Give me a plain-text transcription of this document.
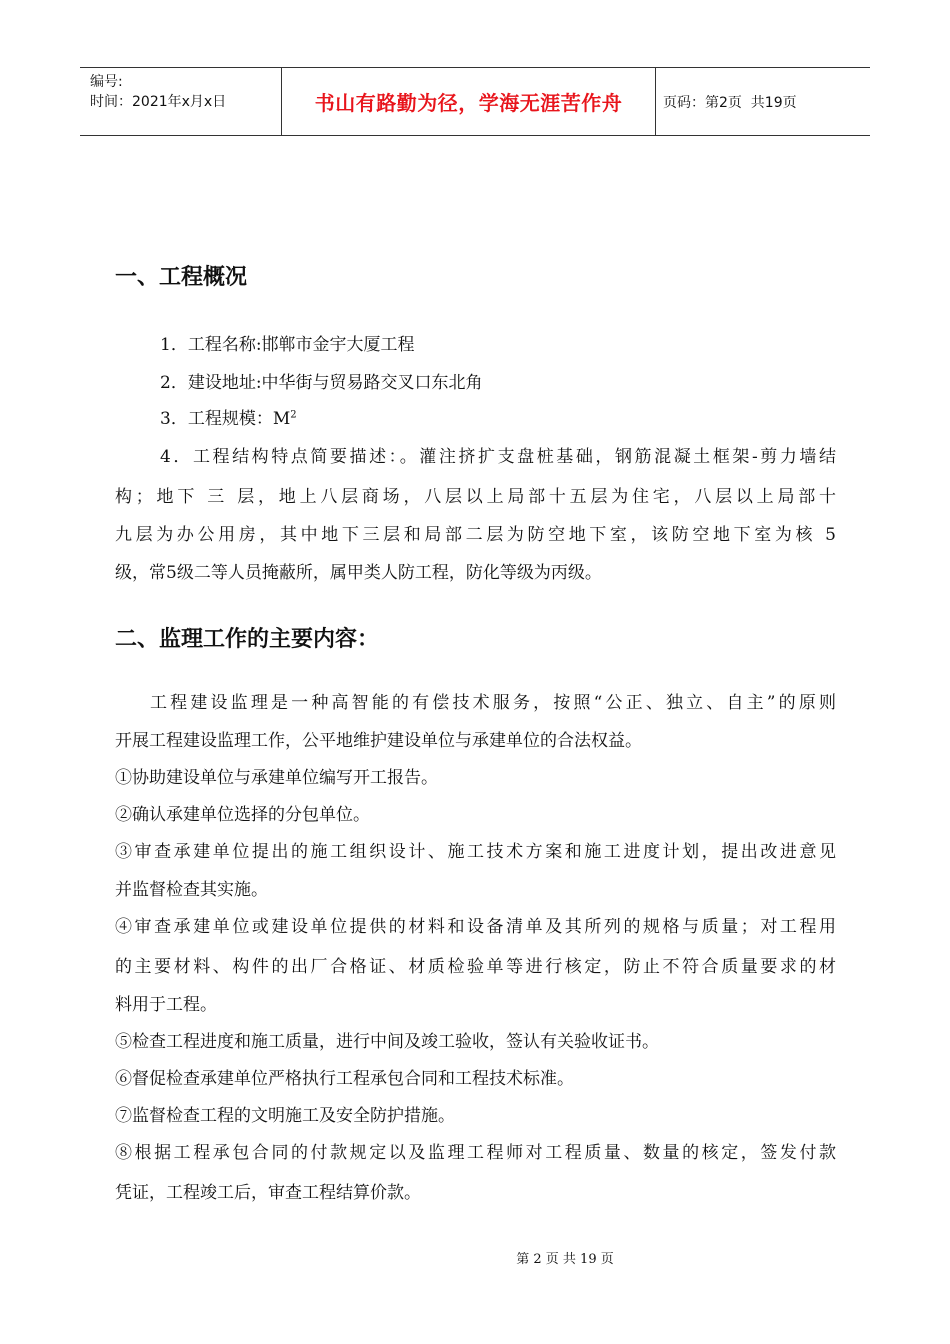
编号:
时间：2021年x月x日	书山有路勤为径，学海无涯苦作舟	页码：第2页  共19页
一、工程概况
1．工程名称:邯郸市金宇大厦工程
2．建设地址:中华街与贸易路交叉口东北角
3．工程规模：$M^2$
4．工程结构特点简要描述：。灌注挤扩支盘桩基础，钢筋混凝土框架-剪力墙结
构；地下 三 层，地上八层商场，八层以上局部十五层为住宅，八层以上局部十
九层为办公用房，其中地下三层和局部二层为防空地下室，该防空地下室为核 5
级，常5级二等人员掩蔽所，属甲类人防工程，防化等级为丙级。
二、监理工作的主要内容：
工程建设监理是一种高智能的有偿技术服务，按照“公正、独立、自主”的原则
开展工程建设监理工作，公平地维护建设单位与承建单位的合法权益。
①协助建设单位与承建单位编写开工报告。
②确认承建单位选择的分包单位。
③审查承建单位提出的施工组织设计、施工技术方案和施工进度计划，提出改进意见
并监督检查其实施。
④审查承建单位或建设单位提供的材料和设备清单及其所列的规格与质量；对工程用
的主要材料、构件的出厂合格证、材质检验单等进行核定，防止不符合质量要求的材
料用于工程。
⑤检查工程进度和施工质量，进行中间及竣工验收，签认有关验收证书。
⑥督促检查承建单位严格执行工程承包合同和工程技术标准。
⑦监督检查工程的文明施工及安全防护措施。
⑧根据工程承包合同的付款规定以及监理工程师对工程质量、数量的核定，签发付款
凭证，工程竣工后，审查工程结算价款。
第 2 页 共 19 页
